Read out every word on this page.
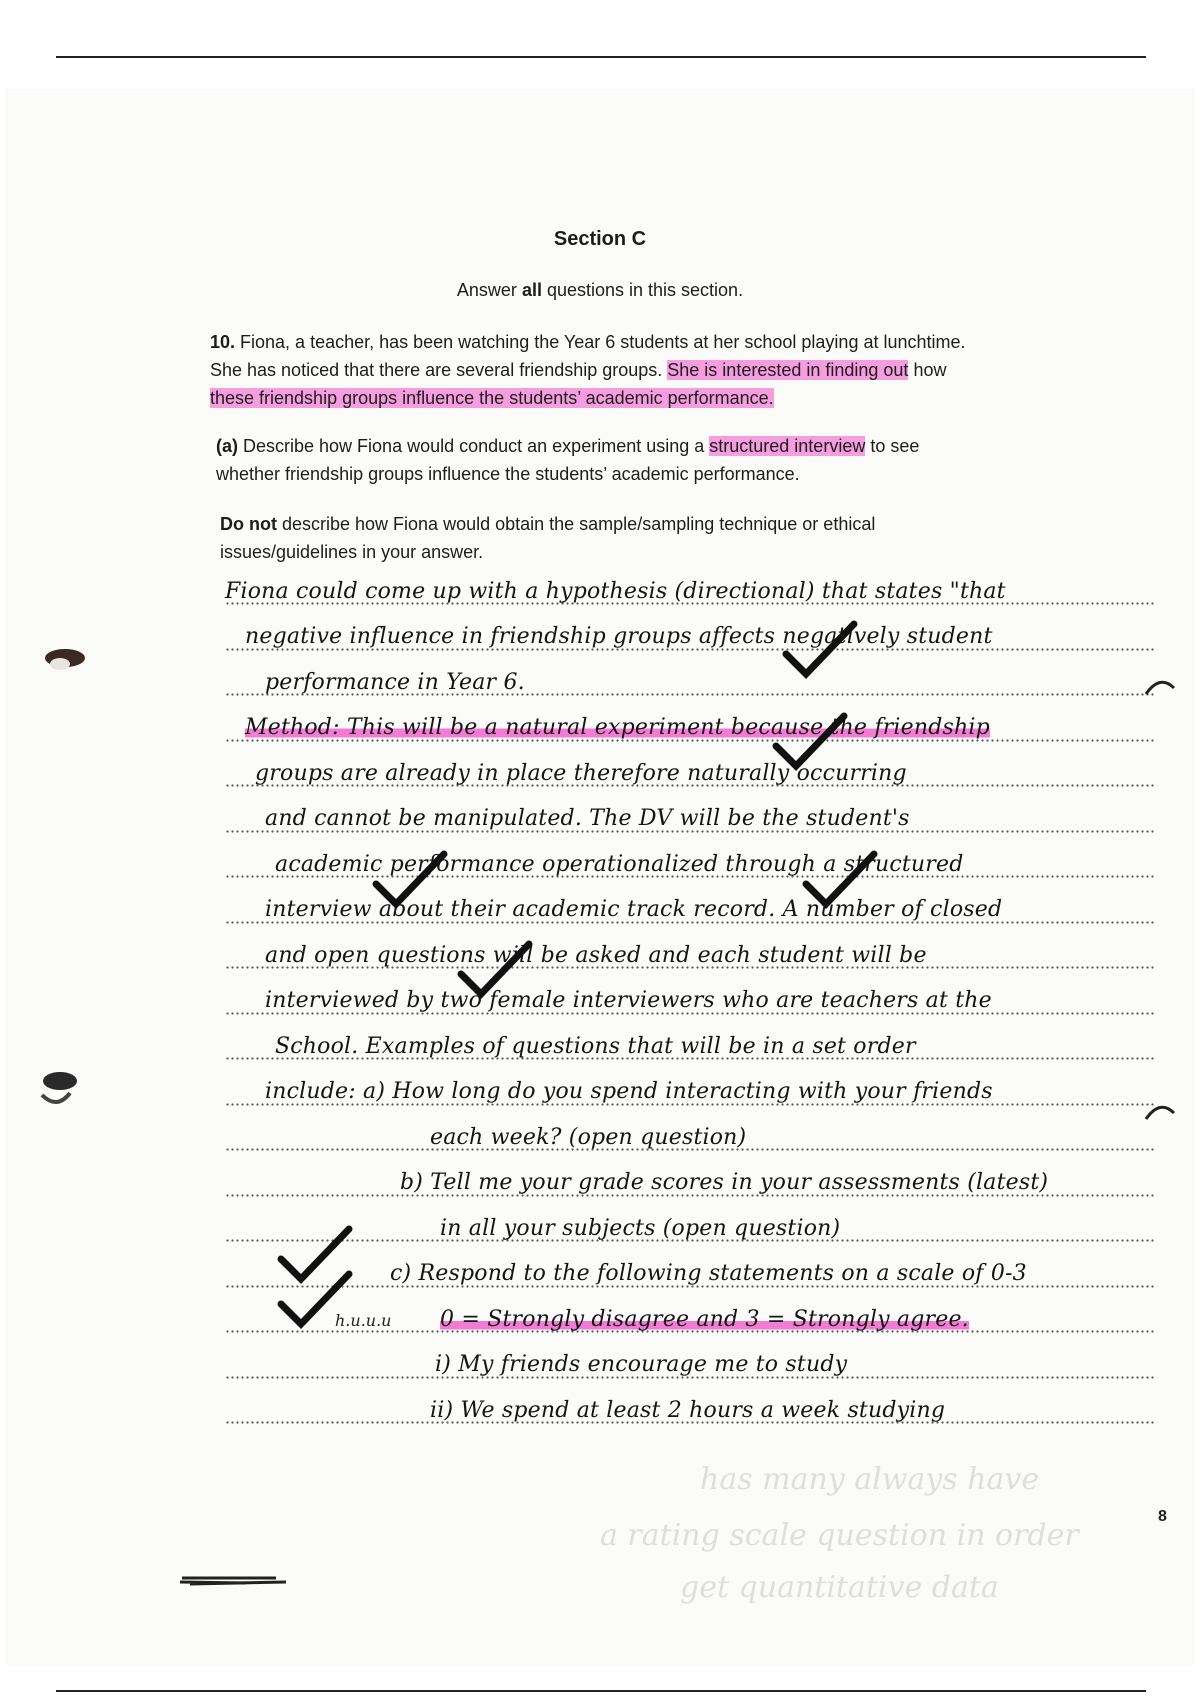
Section C
Answer all questions in this section.
10. Fiona, a teacher, has been watching the Year 6 students at her school playing at lunchtime.
She has noticed that there are several friendship groups. She is interested in finding out how
these friendship groups influence the students’ academic performance.
(a) Describe how Fiona would conduct an experiment using a structured interview to see
whether friendship groups influence the students’ academic performance.
Do not describe how Fiona would obtain the sample/sampling technique or ethical
issues/guidelines in your answer.
Fiona could come up with a hypothesis (directional) that states "that
negative influence in friendship groups affects negatively student
performance in Year 6.
Method: This will be a natural experiment because the friendship
groups are already in place therefore naturally occurring
and cannot be manipulated. The DV will be the student's
academic performance operationalized through a structured
interview about their academic track record. A number of closed
and open questions will be asked and each student will be
interviewed by two female interviewers who are teachers at the
School. Examples of questions that will be in a set order
include: a) How long do you spend interacting with your friends
each week? (open question)
b) Tell me your grade scores in your assessments (latest)
in all your subjects (open question)
c) Respond to the following statements on a scale of 0-3
h.u.u.u 0 = Strongly disagree and 3 = Strongly agree.
i) My friends encourage me to study
ii) We spend at least 2 hours a week studying
has many always have
a rating scale question in order
get quantitative data
8
